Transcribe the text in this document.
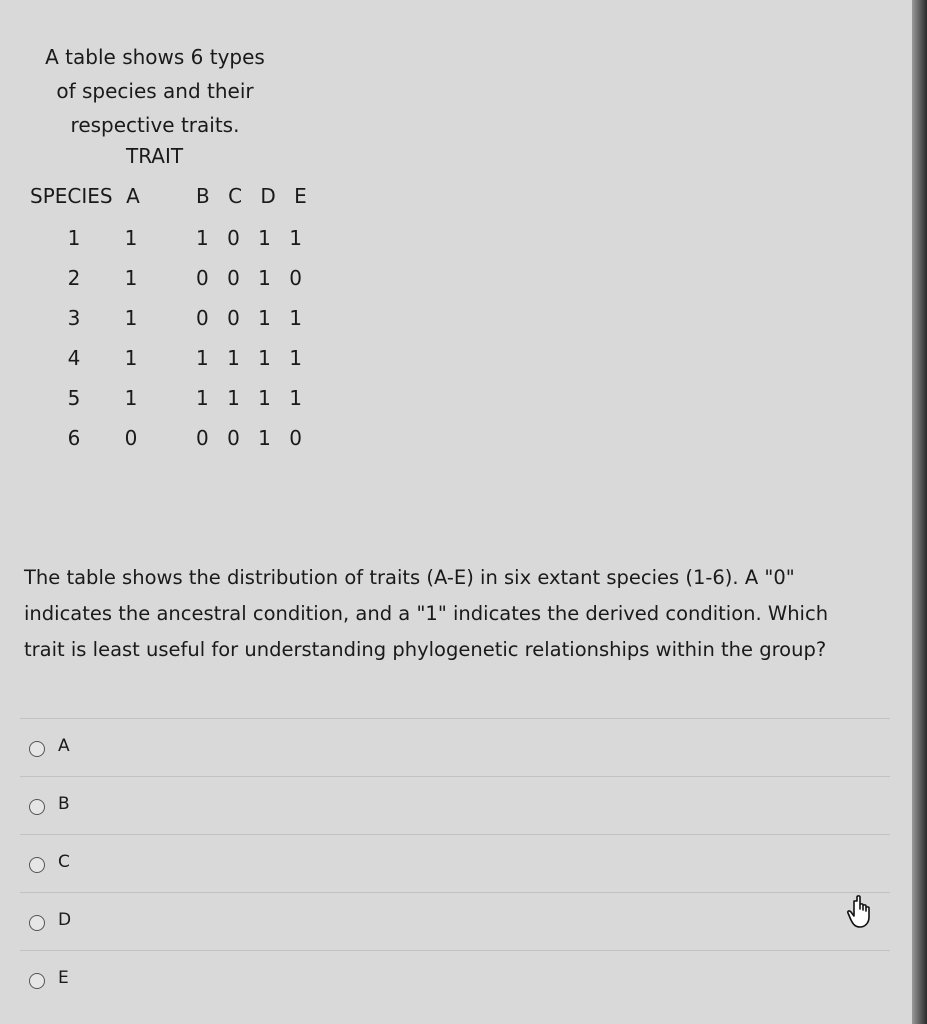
A table shows 6 types
of species and their
respective traits.
TRAIT
SPECIES A	B C D E
1	1	1 0 1 1
2	1	0 0 1 0
3	1	0 0 1 1
4	1	1 1 1 1
5	1	1 1 1 1
6	0	0 0 1 0
The table shows the distribution of traits (A-E) in six extant species (1-6). A "0"
indicates the ancestral condition, and a "1" indicates the derived condition. Which
trait is least useful for understanding phylogenetic relationships within the group?
A
B
C
D
E
